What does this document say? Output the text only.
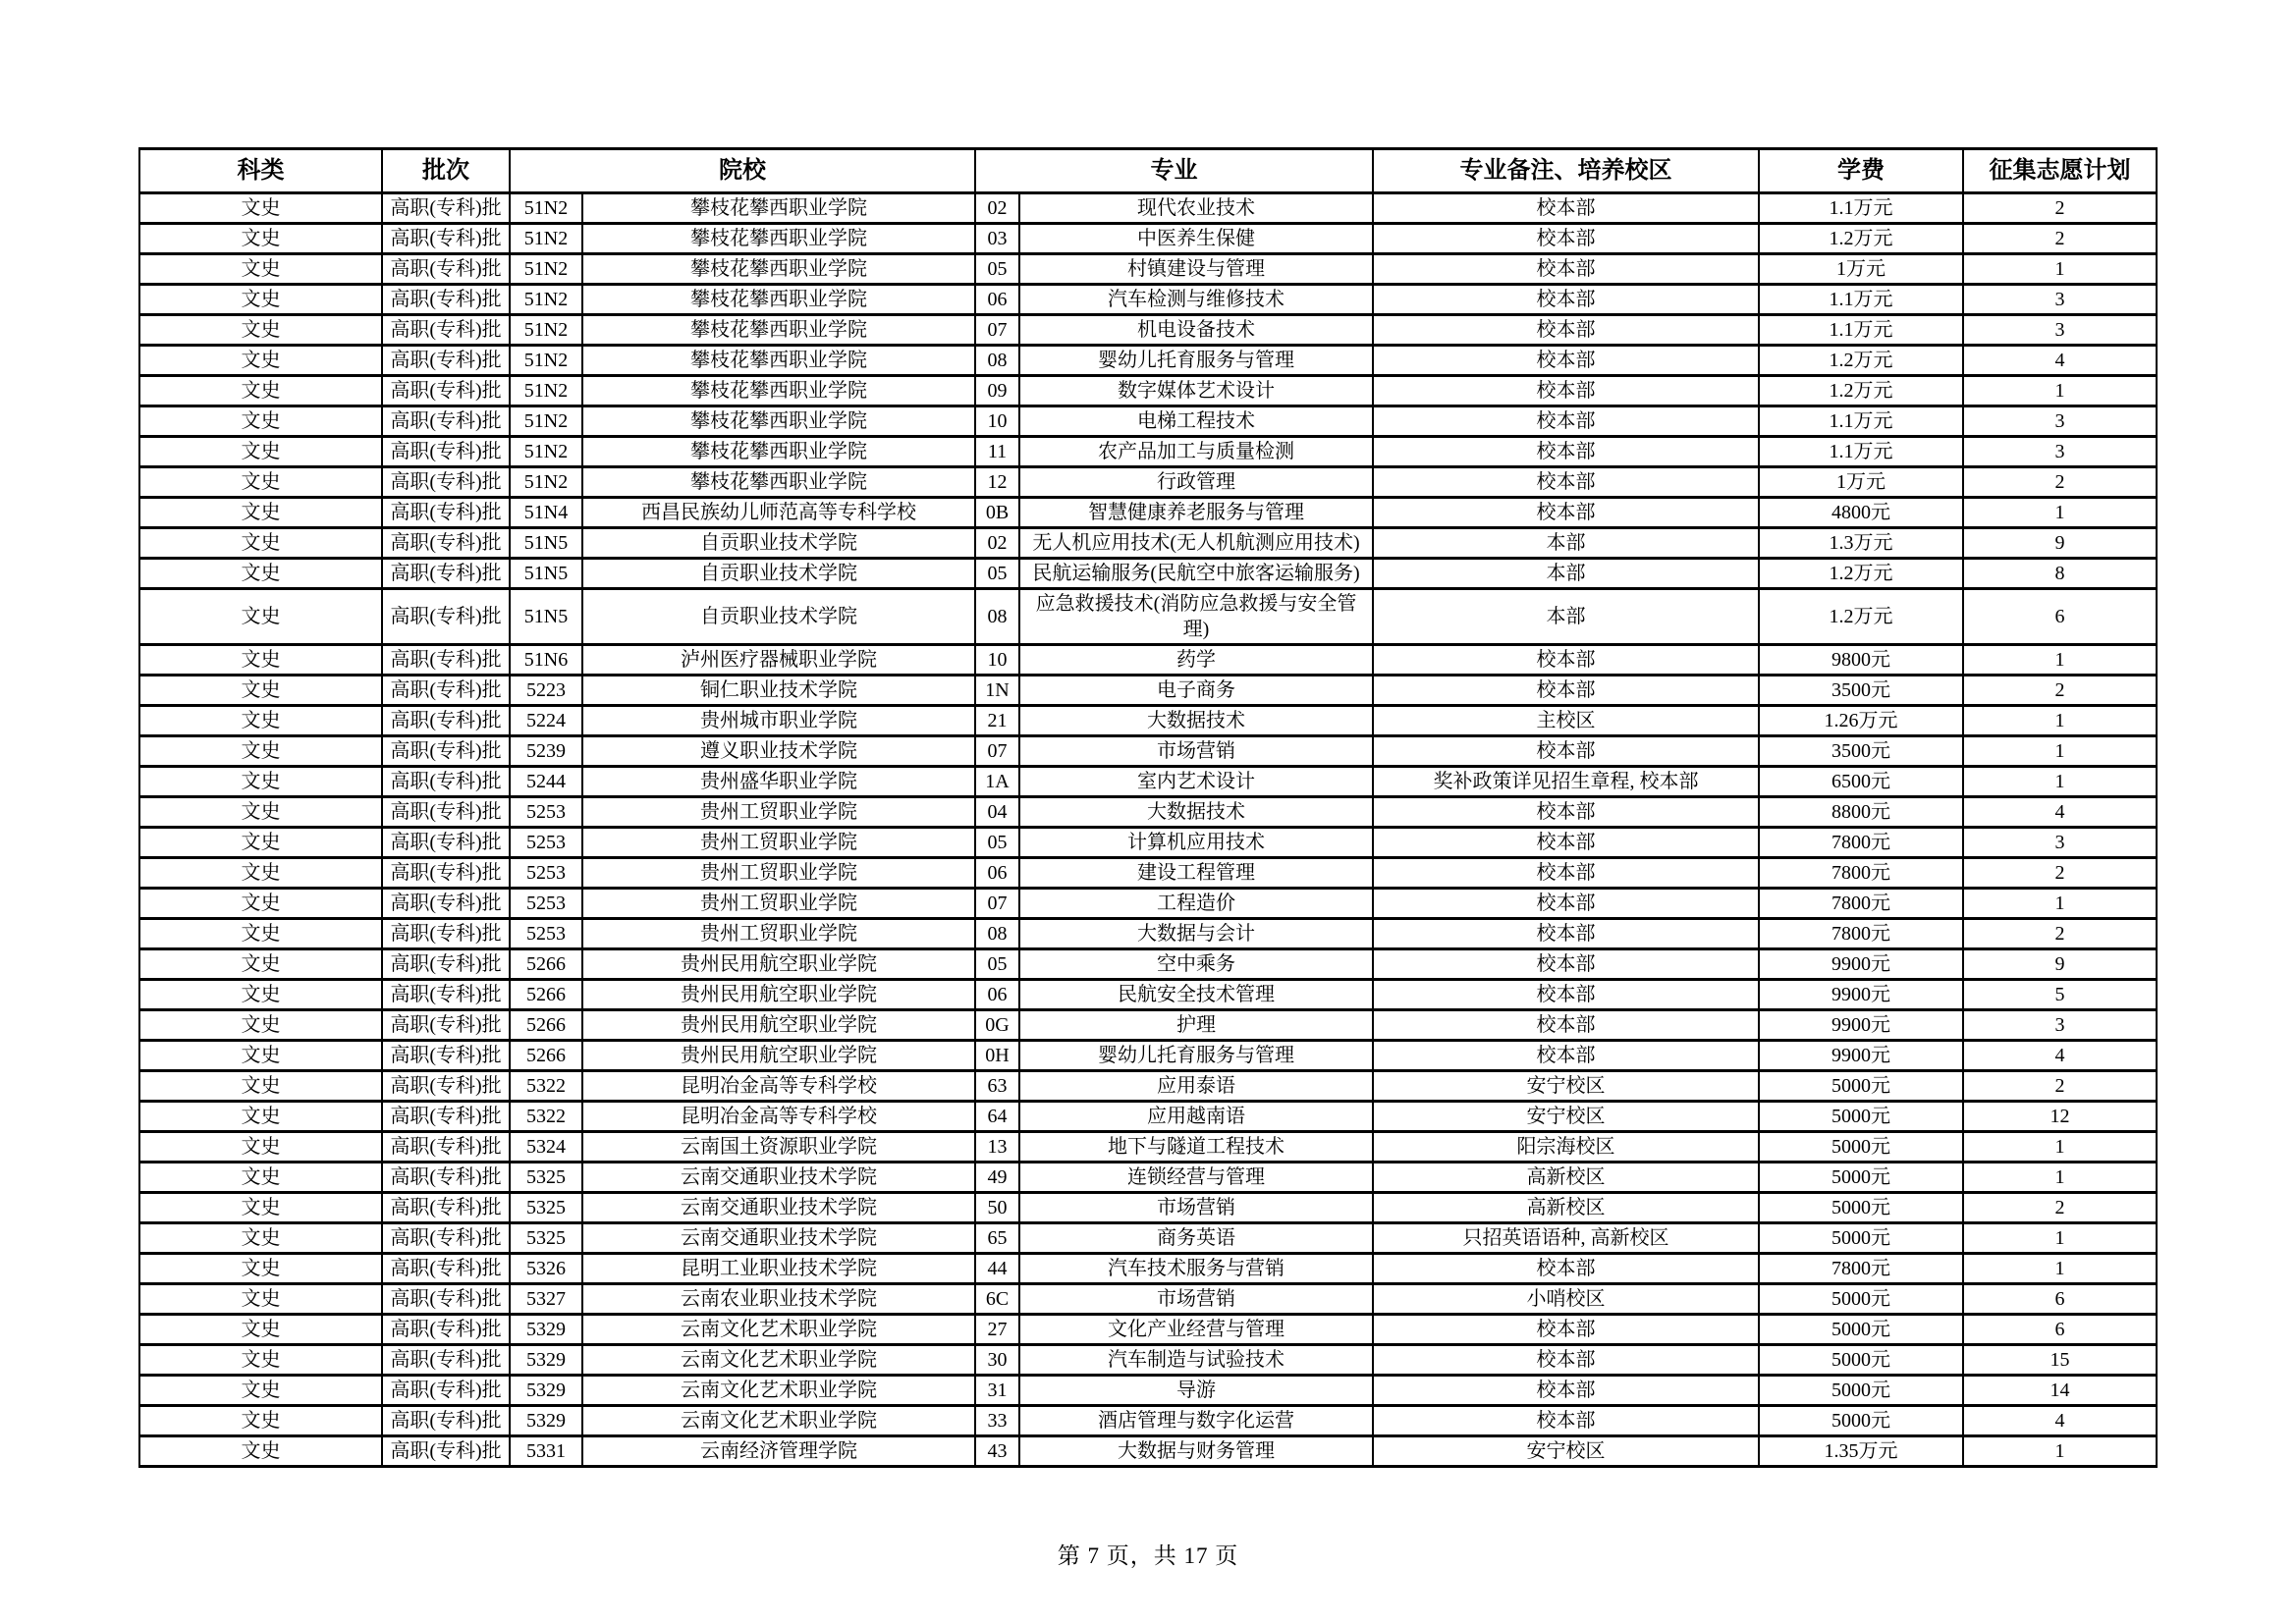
科类	批次	院校		专业		专业备注、培养校区	学费	征集志愿计划
文史	高职(专科)批	51N2	攀枝花攀西职业学院	02	现代农业技术	校本部	1.1万元	2
文史	高职(专科)批	51N2	攀枝花攀西职业学院	03	中医养生保健	校本部	1.2万元	2
文史	高职(专科)批	51N2	攀枝花攀西职业学院	05	村镇建设与管理	校本部	1万元	1
文史	高职(专科)批	51N2	攀枝花攀西职业学院	06	汽车检测与维修技术	校本部	1.1万元	3
文史	高职(专科)批	51N2	攀枝花攀西职业学院	07	机电设备技术	校本部	1.1万元	3
文史	高职(专科)批	51N2	攀枝花攀西职业学院	08	婴幼儿托育服务与管理	校本部	1.2万元	4
文史	高职(专科)批	51N2	攀枝花攀西职业学院	09	数字媒体艺术设计	校本部	1.2万元	1
文史	高职(专科)批	51N2	攀枝花攀西职业学院	10	电梯工程技术	校本部	1.1万元	3
文史	高职(专科)批	51N2	攀枝花攀西职业学院	11	农产品加工与质量检测	校本部	1.1万元	3
文史	高职(专科)批	51N2	攀枝花攀西职业学院	12	行政管理	校本部	1万元	2
文史	高职(专科)批	51N4	西昌民族幼儿师范高等专科学校	0B	智慧健康养老服务与管理	校本部	4800元	1
文史	高职(专科)批	51N5	自贡职业技术学院	02	无人机应用技术(无人机航测应用技术)	本部	1.3万元	9
文史	高职(专科)批	51N5	自贡职业技术学院	05	民航运输服务(民航空中旅客运输服务)	本部	1.2万元	8
文史	高职(专科)批	51N5	自贡职业技术学院	08	应急救援技术(消防应急救援与安全管理)	本部	1.2万元	6
文史	高职(专科)批	51N6	泸州医疗器械职业学院	10	药学	校本部	9800元	1
文史	高职(专科)批	5223	铜仁职业技术学院	1N	电子商务	校本部	3500元	2
文史	高职(专科)批	5224	贵州城市职业学院	21	大数据技术	主校区	1.26万元	1
文史	高职(专科)批	5239	遵义职业技术学院	07	市场营销	校本部	3500元	1
文史	高职(专科)批	5244	贵州盛华职业学院	1A	室内艺术设计	奖补政策详见招生章程, 校本部	6500元	1
文史	高职(专科)批	5253	贵州工贸职业学院	04	大数据技术	校本部	8800元	4
文史	高职(专科)批	5253	贵州工贸职业学院	05	计算机应用技术	校本部	7800元	3
文史	高职(专科)批	5253	贵州工贸职业学院	06	建设工程管理	校本部	7800元	2
文史	高职(专科)批	5253	贵州工贸职业学院	07	工程造价	校本部	7800元	1
文史	高职(专科)批	5253	贵州工贸职业学院	08	大数据与会计	校本部	7800元	2
文史	高职(专科)批	5266	贵州民用航空职业学院	05	空中乘务	校本部	9900元	9
文史	高职(专科)批	5266	贵州民用航空职业学院	06	民航安全技术管理	校本部	9900元	5
文史	高职(专科)批	5266	贵州民用航空职业学院	0G	护理	校本部	9900元	3
文史	高职(专科)批	5266	贵州民用航空职业学院	0H	婴幼儿托育服务与管理	校本部	9900元	4
文史	高职(专科)批	5322	昆明冶金高等专科学校	63	应用泰语	安宁校区	5000元	2
文史	高职(专科)批	5322	昆明冶金高等专科学校	64	应用越南语	安宁校区	5000元	12
文史	高职(专科)批	5324	云南国土资源职业学院	13	地下与隧道工程技术	阳宗海校区	5000元	1
文史	高职(专科)批	5325	云南交通职业技术学院	49	连锁经营与管理	高新校区	5000元	1
文史	高职(专科)批	5325	云南交通职业技术学院	50	市场营销	高新校区	5000元	2
文史	高职(专科)批	5325	云南交通职业技术学院	65	商务英语	只招英语语种, 高新校区	5000元	1
文史	高职(专科)批	5326	昆明工业职业技术学院	44	汽车技术服务与营销	校本部	7800元	1
文史	高职(专科)批	5327	云南农业职业技术学院	6C	市场营销	小哨校区	5000元	6
文史	高职(专科)批	5329	云南文化艺术职业学院	27	文化产业经营与管理	校本部	5000元	6
文史	高职(专科)批	5329	云南文化艺术职业学院	30	汽车制造与试验技术	校本部	5000元	15
文史	高职(专科)批	5329	云南文化艺术职业学院	31	导游	校本部	5000元	14
文史	高职(专科)批	5329	云南文化艺术职业学院	33	酒店管理与数字化运营	校本部	5000元	4
文史	高职(专科)批	5331	云南经济管理学院	43	大数据与财务管理	安宁校区	1.35万元	1
第 7 页，共 17 页
